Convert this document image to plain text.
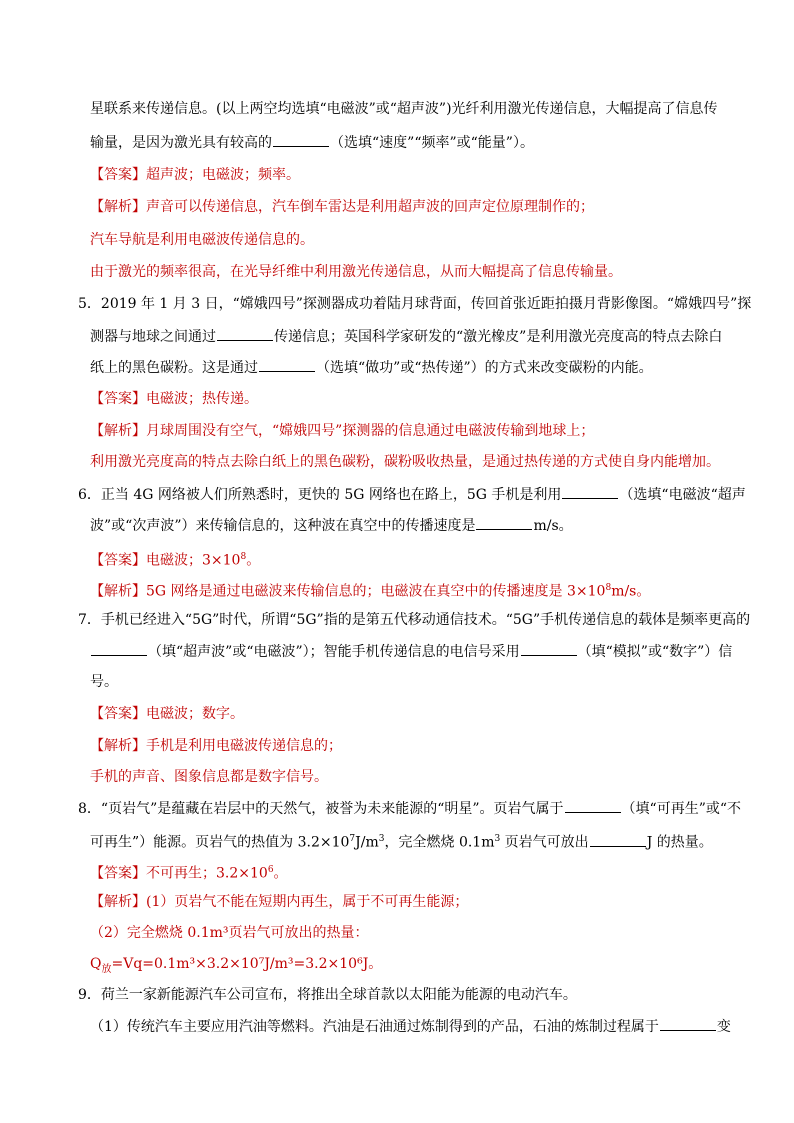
星联系来传递信息。(以上两空均选填“电磁波”或“超声波”)光纤利用激光传递信息，大幅提高了信息传
输量，是因为激光具有较高的	（选填“速度”“频率”或“能量”）。
【答案】超声波；电磁波；频率。
【解析】声音可以传递信息，汽车倒车雷达是利用超声波的回声定位原理制作的；
汽车导航是利用电磁波传递信息的。
由于激光的频率很高，在光导纤维中利用激光传递信息，从而大幅提高了信息传输量。
5．2019 年 1 月 3 日，“嫦娥四号”探测器成功着陆月球背面，传回首张近距拍摄月背影像图。“嫦娥四号”探
测器与地球之间通过	传递信息；英国科学家研发的“激光橡皮”是利用激光亮度高的特点去除白
纸上的黑色碳粉。这是通过	（选填“做功”或“热传递”）的方式来改变碳粉的内能。
【答案】电磁波；热传递。
【解析】月球周围没有空气，“嫦娥四号”探测器的信息通过电磁波传输到地球上；
利用激光亮度高的特点去除白纸上的黑色碳粉，碳粉吸收热量，是通过热传递的方式使自身内能增加。
6．正当 4G 网络被人们所熟悉时，更快的 5G 网络也在路上，5G 手机是利用	（选填“电磁波“超声
波”或“次声波”）来传输信息的，这种波在真空中的传播速度是	m/s。
【答案】电磁波；$3\times 10^8$。
【解析】5G 网络是通过电磁波来传输信息的；电磁波在真空中的传播速度是 $3\times 10^8m/s$。
7．手机已经进入“5G”时代，所谓“5G”指的是第五代移动通信技术。“5G”手机传递信息的载体是频率更高的
（填“超声波”或“电磁波”）；智能手机传递信息的电信号采用	（填“模拟”或“数字”）信
号。
【答案】电磁波；数字。
【解析】手机是利用电磁波传递信息的；
手机的声音、图象信息都是数字信号。
8．“页岩气”是蕴藏在岩层中的天然气，被誉为未来能源的“明星”。页岩气属于	（填“可再生”或“不
可再生”）能源。页岩气的热值为 $3.2\times 10^7J/m^3$，完全燃烧 $0.1m^3$ 页岩气可放出	J 的热量。
【答案】不可再生；$3.2\times 10^6$。
【解析】(1）页岩气不能在短期内再生，属于不可再生能源；
（2）完全燃烧 0.1m³页岩气可放出的热量：
$Q_放=Vq=0.1m^3\times 3.2\times 10^7J/m^3=3.2\times 10^6J$。
9．荷兰一家新能源汽车公司宣布，将推出全球首款以太阳能为能源的电动汽车。
（1）传统汽车主要应用汽油等燃料。汽油是石油通过炼制得到的产品，石油的炼制过程属于	变
